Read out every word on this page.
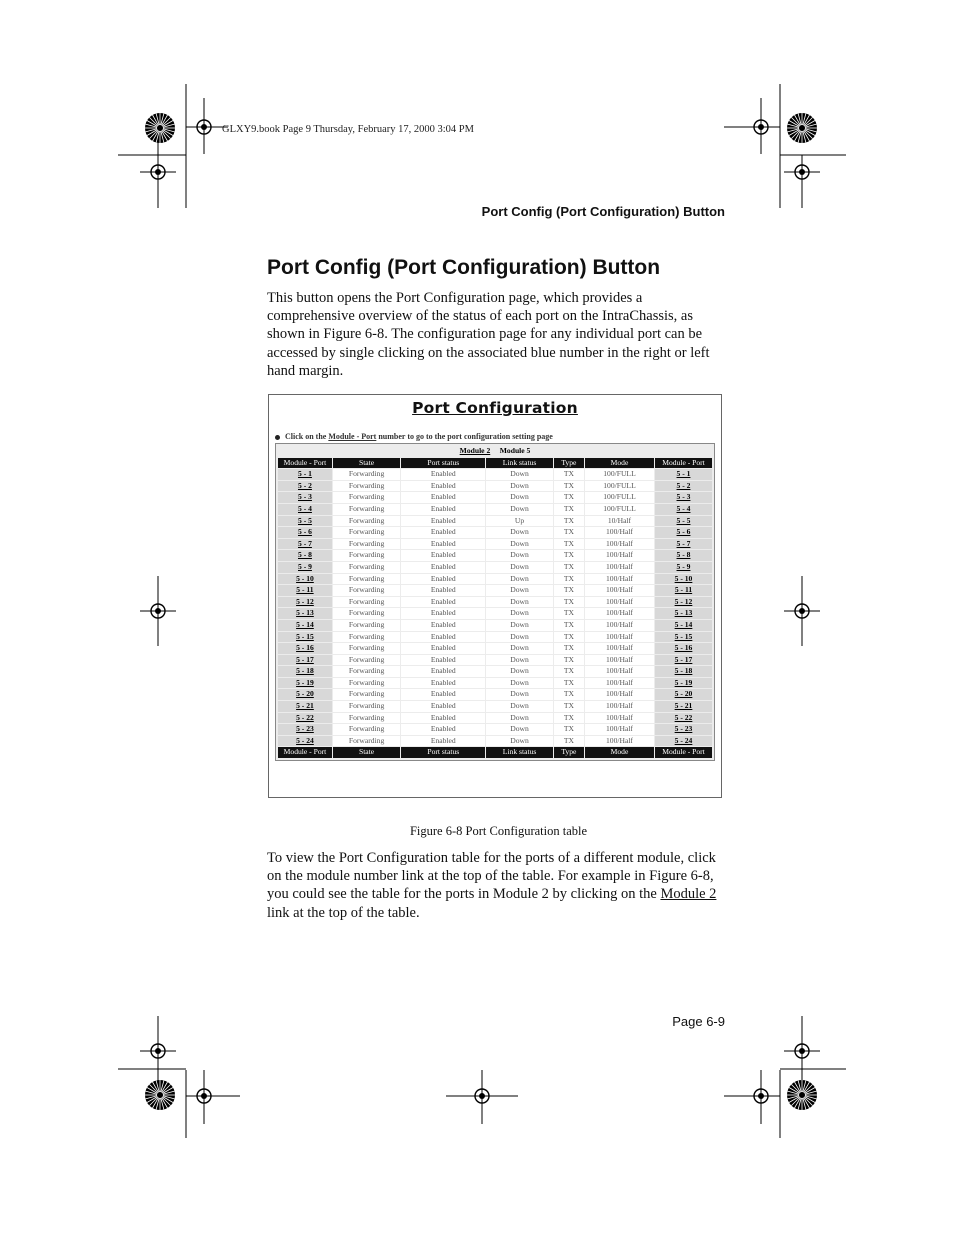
GLXY9.book Page 9 Thursday, February 17, 2000 3:04 PM
Port Config (Port Configuration) Button
Port Config (Port Configuration) Button
This button opens the Port Configuration page, which provides a comprehensive overview of the status of each port on the IntraChassis, as shown in Figure 6-8. The configuration page for any individual port can be accessed by single clicking on the associated blue number in the right or left hand margin.
Port Configuration
Click on the Module - Port number to go to the port configuration setting page
Module 2 Module 5						
Module - Port	State	Port status	Link status	Type	Mode	Module - Port
5 - 1	Forwarding	Enabled	Down	TX	100/FULL	5 - 1
5 - 2	Forwarding	Enabled	Down	TX	100/FULL	5 - 2
5 - 3	Forwarding	Enabled	Down	TX	100/FULL	5 - 3
5 - 4	Forwarding	Enabled	Down	TX	100/FULL	5 - 4
5 - 5	Forwarding	Enabled	Up	TX	10/Half	5 - 5
5 - 6	Forwarding	Enabled	Down	TX	100/Half	5 - 6
5 - 7	Forwarding	Enabled	Down	TX	100/Half	5 - 7
5 - 8	Forwarding	Enabled	Down	TX	100/Half	5 - 8
5 - 9	Forwarding	Enabled	Down	TX	100/Half	5 - 9
5 - 10	Forwarding	Enabled	Down	TX	100/Half	5 - 10
5 - 11	Forwarding	Enabled	Down	TX	100/Half	5 - 11
5 - 12	Forwarding	Enabled	Down	TX	100/Half	5 - 12
5 - 13	Forwarding	Enabled	Down	TX	100/Half	5 - 13
5 - 14	Forwarding	Enabled	Down	TX	100/Half	5 - 14
5 - 15	Forwarding	Enabled	Down	TX	100/Half	5 - 15
5 - 16	Forwarding	Enabled	Down	TX	100/Half	5 - 16
5 - 17	Forwarding	Enabled	Down	TX	100/Half	5 - 17
5 - 18	Forwarding	Enabled	Down	TX	100/Half	5 - 18
5 - 19	Forwarding	Enabled	Down	TX	100/Half	5 - 19
5 - 20	Forwarding	Enabled	Down	TX	100/Half	5 - 20
5 - 21	Forwarding	Enabled	Down	TX	100/Half	5 - 21
5 - 22	Forwarding	Enabled	Down	TX	100/Half	5 - 22
5 - 23	Forwarding	Enabled	Down	TX	100/Half	5 - 23
5 - 24	Forwarding	Enabled	Down	TX	100/Half	5 - 24
Module - Port	State	Port status	Link status	Type	Mode	Module - Port
Figure 6-8 Port Configuration table
To view the Port Configuration table for the ports of a different module, click on the module number link at the top of the table. For example in Figure 6-8, you could see the table for the ports in Module 2 by clicking on the Module 2 link at the top of the table.
Page 6-9
